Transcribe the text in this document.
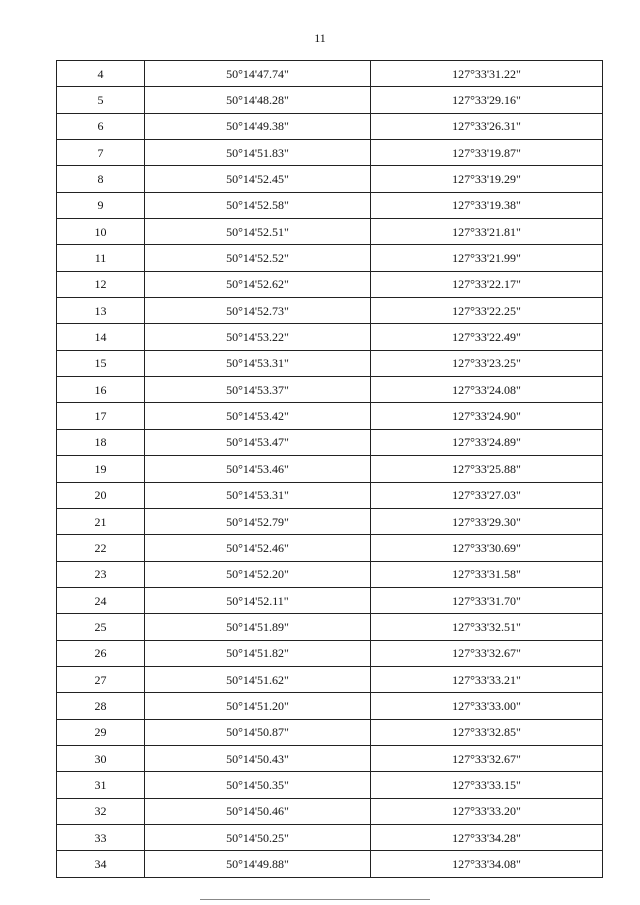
11
4	50°14'47.74"	127°33'31.22"
5	50°14'48.28"	127°33'29.16"
6	50°14'49.38"	127°33'26.31"
7	50°14'51.83"	127°33'19.87"
8	50°14'52.45"	127°33'19.29"
9	50°14'52.58"	127°33'19.38"
10	50°14'52.51"	127°33'21.81"
11	50°14'52.52"	127°33'21.99"
12	50°14'52.62"	127°33'22.17"
13	50°14'52.73"	127°33'22.25"
14	50°14'53.22"	127°33'22.49"
15	50°14'53.31"	127°33'23.25"
16	50°14'53.37"	127°33'24.08"
17	50°14'53.42"	127°33'24.90"
18	50°14'53.47"	127°33'24.89"
19	50°14'53.46"	127°33'25.88"
20	50°14'53.31"	127°33'27.03"
21	50°14'52.79"	127°33'29.30"
22	50°14'52.46"	127°33'30.69"
23	50°14'52.20"	127°33'31.58"
24	50°14'52.11"	127°33'31.70"
25	50°14'51.89"	127°33'32.51"
26	50°14'51.82"	127°33'32.67"
27	50°14'51.62"	127°33'33.21"
28	50°14'51.20"	127°33'33.00"
29	50°14'50.87"	127°33'32.85"
30	50°14'50.43"	127°33'32.67"
31	50°14'50.35"	127°33'33.15"
32	50°14'50.46"	127°33'33.20"
33	50°14'50.25"	127°33'34.28"
34	50°14'49.88"	127°33'34.08"
